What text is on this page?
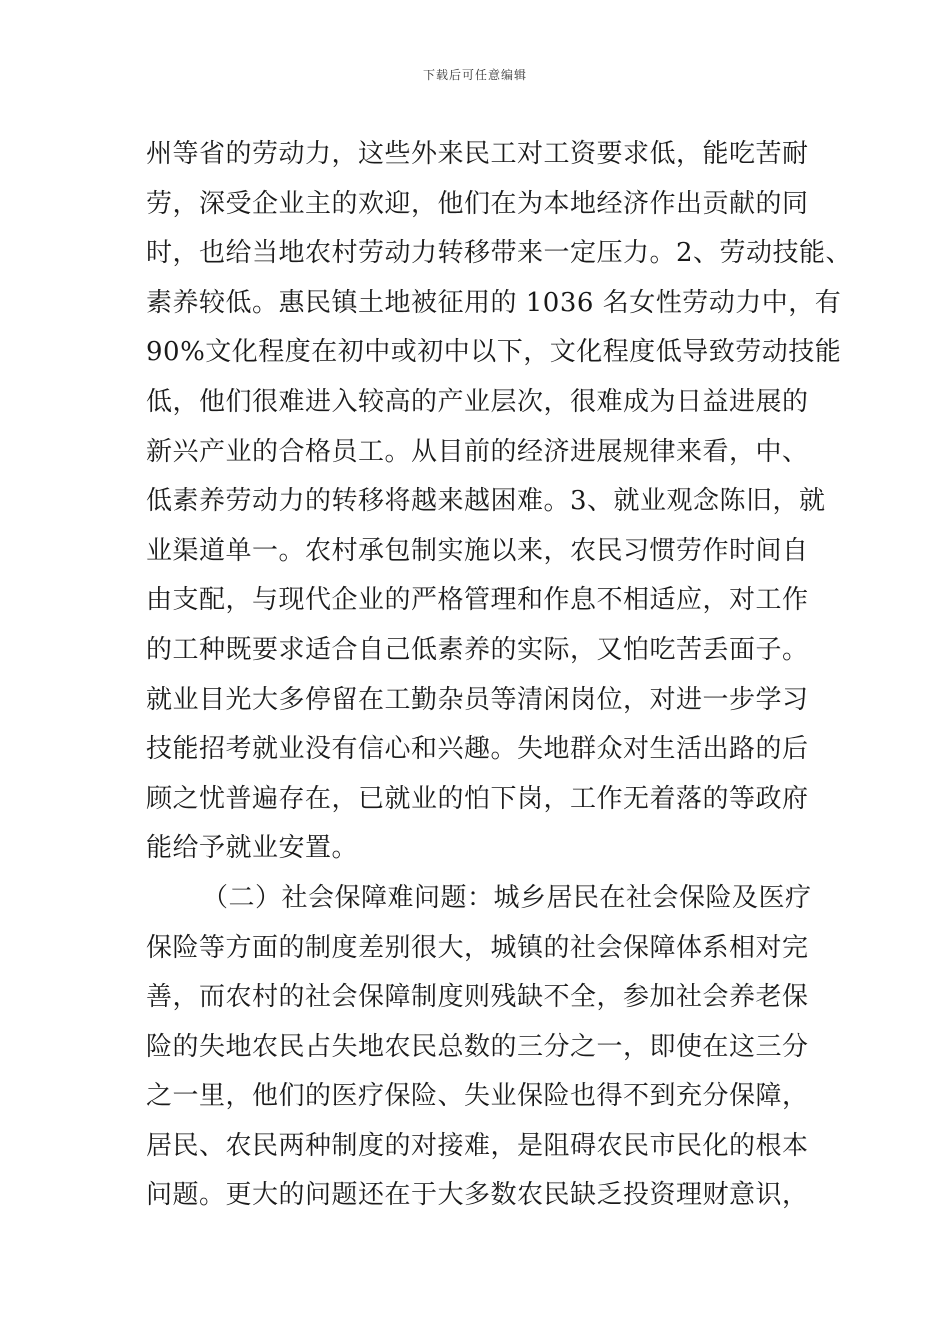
下载后可任意编辑
州等省的劳动力，这些外来民工对工资要求低，能吃苦耐
劳，深受企业主的欢迎，他们在为本地经济作出贡献的同
时，也给当地农村劳动力转移带来一定压力。2、劳动技能、
素养较低。惠民镇土地被征用的 1036 名女性劳动力中，有
90%文化程度在初中或初中以下，文化程度低导致劳动技能
低，他们很难进入较高的产业层次，很难成为日益进展的
新兴产业的合格员工。从目前的经济进展规律来看，中、
低素养劳动力的转移将越来越困难。3、就业观念陈旧，就
业渠道单一。农村承包制实施以来，农民习惯劳作时间自
由支配，与现代企业的严格管理和作息不相适应，对工作
的工种既要求适合自己低素养的实际，又怕吃苦丢面子。
就业目光大多停留在工勤杂员等清闲岗位，对进一步学习
技能招考就业没有信心和兴趣。失地群众对生活出路的后
顾之忧普遍存在，已就业的怕下岗，工作无着落的等政府
能给予就业安置。
（二）社会保障难问题：城乡居民在社会保险及医疗
保险等方面的制度差别很大，城镇的社会保障体系相对完
善，而农村的社会保障制度则残缺不全，参加社会养老保
险的失地农民占失地农民总数的三分之一，即使在这三分
之一里，他们的医疗保险、失业保险也得不到充分保障，
居民、农民两种制度的对接难，是阻碍农民市民化的根本
问题。更大的问题还在于大多数农民缺乏投资理财意识，
